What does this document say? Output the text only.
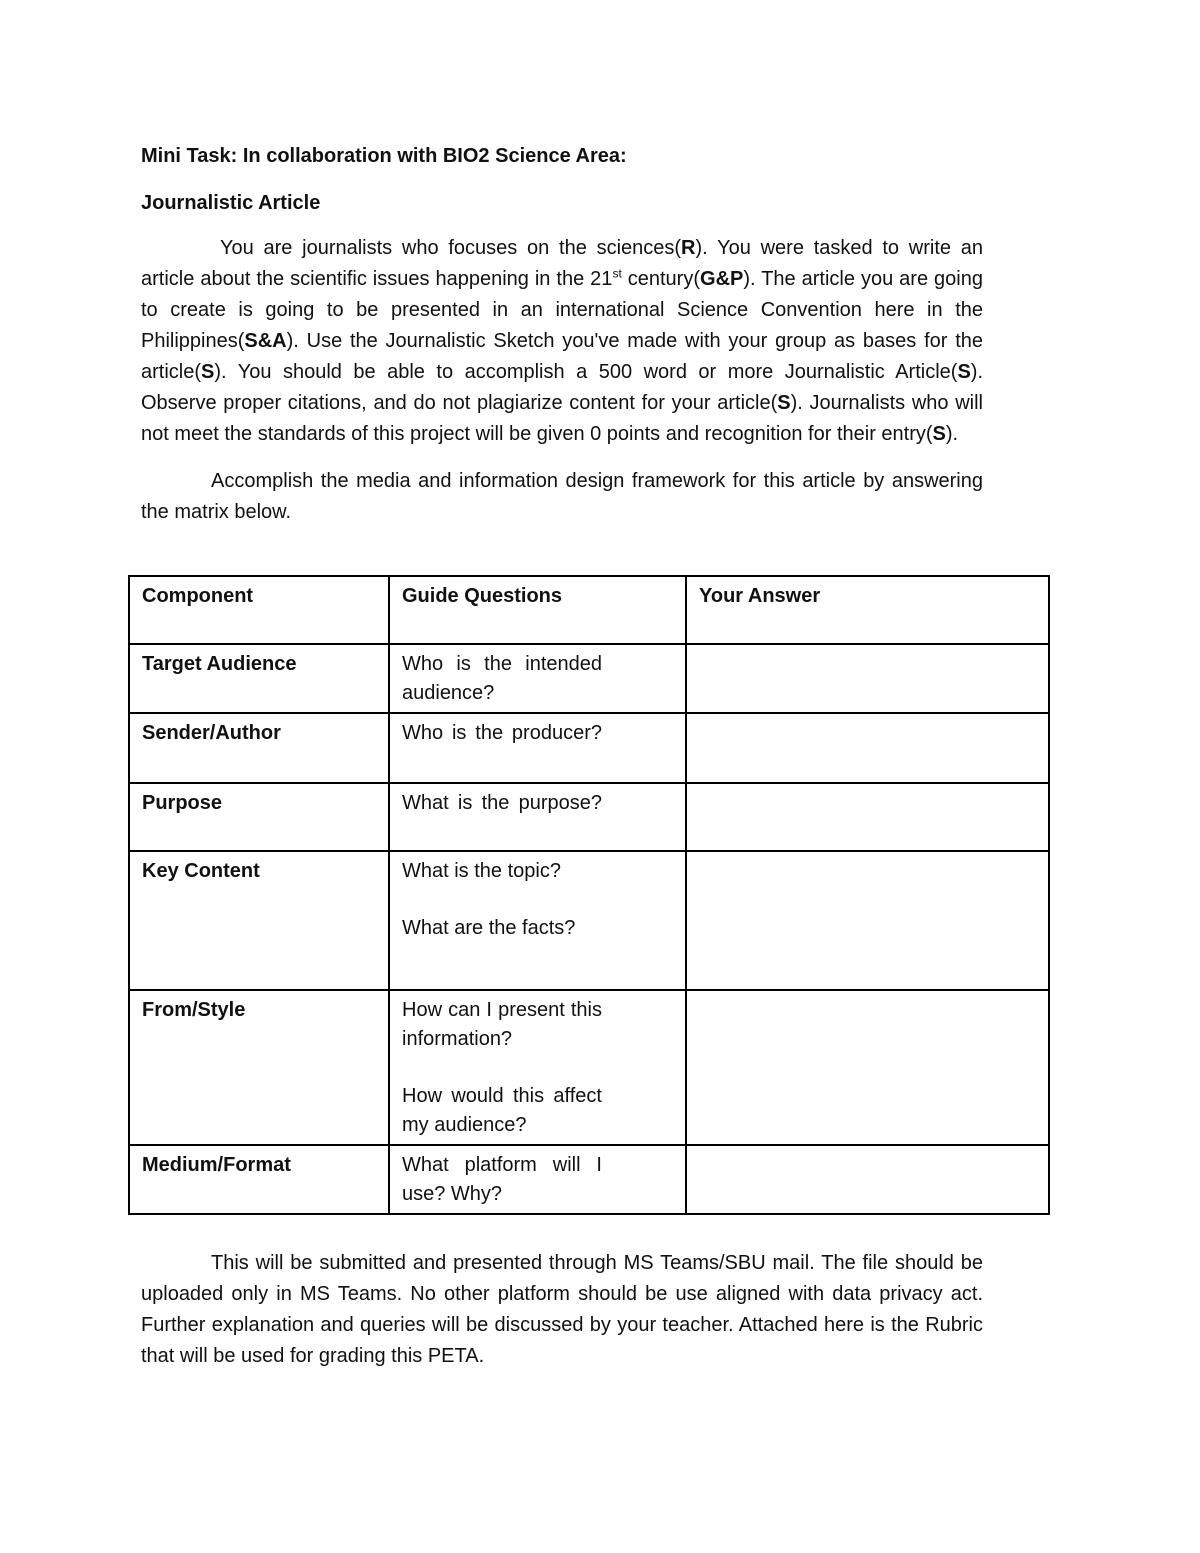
Mini Task: In collaboration with BIO2 Science Area:
Journalistic Article

You are journalists who focuses on the sciences(R). You were tasked to write an article about the scientific issues happening in the 21st century(G&P). The article you are going to create is going to be presented in an international Science Convention here in the Philippines(S&A). Use the Journalistic Sketch you've made with your group as bases for the article(S). You should be able to accomplish a 500 word or more Journalistic Article(S). Observe proper citations, and do not plagiarize content for your article(S). Journalists who will not meet the standards of this project will be given 0 points and recognition for their entry(S).

Accomplish the media and information design framework for this article by answering the matrix below.

Component	Guide Questions	Your Answer
Target Audience	Who is the intended audience?	

Sender/Author	Who is the producer?	

Purpose	What is the purpose?	

Key Content	What is the topic?
What are the facts?	

From/Style	How can I present this information?
How would this affect my audience?	

Medium/Format	What platform will I use? Why?	

This will be submitted and presented through MS Teams/SBU mail. The file should be uploaded only in MS Teams. No other platform should be use aligned with data privacy act. Further explanation and queries will be discussed by your teacher. Attached here is the Rubric that will be used for grading this PETA.
